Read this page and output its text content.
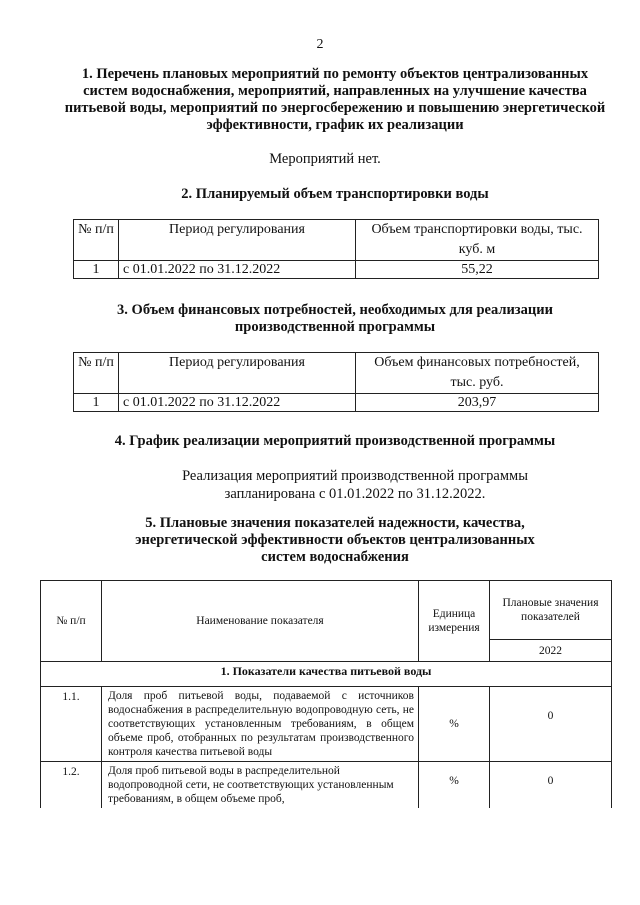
2

1. Перечень плановых мероприятий по ремонту объектов централизованных систем водоснабжения, мероприятий, направленных на улучшение качества питьевой воды, мероприятий по энергосбережению и повышению энергетической эффективности, график их реализации

Мероприятий нет.

2. Планируемый объем транспортировки воды

№ п/п	Период регулирования	Объем транспортировки воды, тыс. куб. м
1	с 01.01.2022 по 31.12.2022	55,22

3. Объем финансовых потребностей, необходимых для реализации производственной программы

№ п/п	Период регулирования	Объем финансовых потребностей, тыс. руб.
1	с 01.01.2022 по 31.12.2022	203,97

4. График реализации мероприятий производственной программы

Реализация мероприятий производственной программы запланирована с 01.01.2022 по 31.12.2022.

5. Плановые значения показателей надежности, качества, энергетической эффективности объектов централизованных систем водоснабжения

№ п/п	Наименование показателя	Единица измерения	Плановые значения показателей
			2022
1. Показатели качества питьевой воды			
1.1.	Доля проб питьевой воды, подаваемой с источников водоснабжения в распределительную водопроводную сеть, не соответствующих установленным требованиям, в общем объеме проб, отобранных по результатам производственного контроля качества питьевой воды	%	0
1.2.	Доля проб питьевой воды в распределительной водопроводной сети, не соответствующих установленным требованиям, в общем объеме проб,	%	0
